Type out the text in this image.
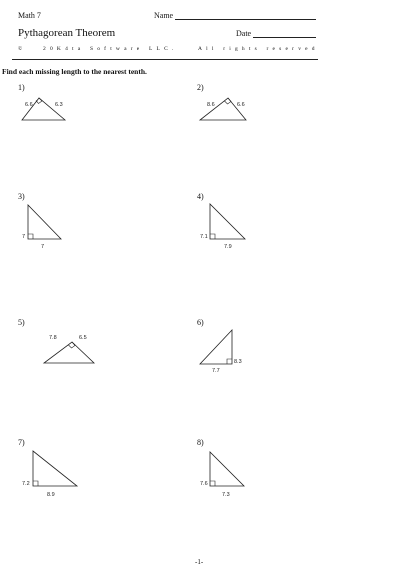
Math 7	Name
Pythagorean Theorem	Date
©	20K4ta Software LLC.	All rights reserved
Find each missing length to the nearest tenth.
1)
6.6	6.3
2)
8.6	6.6
3)
7
7
4)
7.1
7.9
5)
7.8	6.5
6)
8.3
7.7
7)
7.2
8.9
8)
7.6
7.3
-1-
